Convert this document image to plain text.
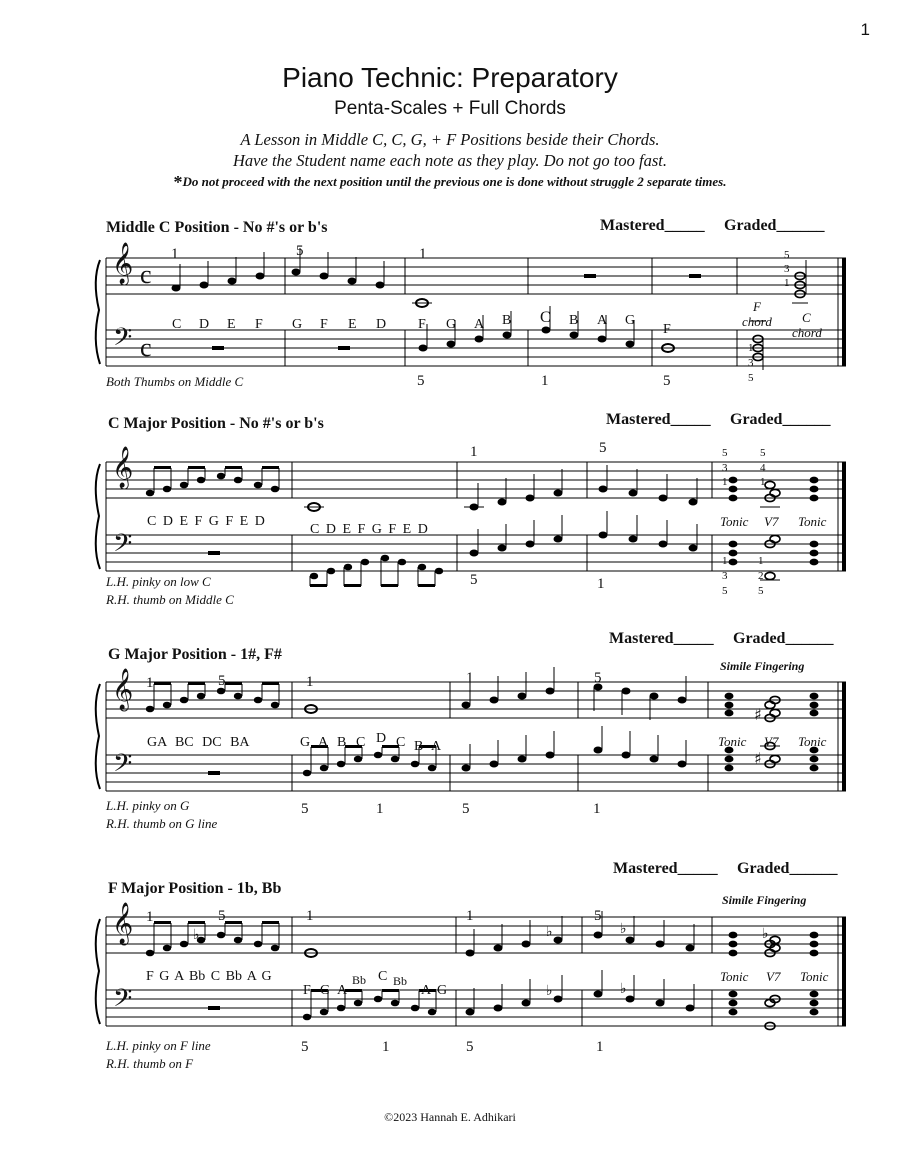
1
Piano Technic: Preparatory
Penta-Scales + Full Chords
A Lesson in Middle C, C, G, + F Positions beside their Chords.
Have the Student name each note as they play. Do not go too fast.
*Do not proceed with the next position until the previous one is done without struggle 2 separate times.
Middle C Position - No #'s or b's	Mastered_____ Graded______
𝄞
𝄢
c
c
1	5	1	5
3
1
1
3
5
C D E F G F E D F G A B C B A G
F
F
chord C
chord
5	1	5
Both Thumbs on Middle C
C Major Position - No #'s or b's	Mastered_____ Graded______
𝄞
𝄢
1	5
C D E F G F E D
C D E F G F E D
5
3
1
5
4
1
Tonic V7 Tonic
1
3
5
1
2
5
5	1
L.H. pinky on low C
R.H. thumb on Middle C
Mastered_____ Graded______
G Major Position - 1#, F#
Simile Fingering
𝄞
𝄢
♯
♯
1	5	1	1	5
GA BC DC BA	G A B C D C B A	Tonic V7 Tonic
5	1	5	1
L.H. pinky on G
R.H. thumb on G line
Mastered_____ Graded______
F Major Position - 1b, Bb
Simile Fingering
𝄞
𝄢
♭	♭	♭	♭
♭	♭
1	5	1	1	5
F G A Bb C Bb A G
F G A
Bb C Bb
A G
Tonic V7 Tonic
5	1	5	1
L.H. pinky on F line
R.H. thumb on F
©2023 Hannah E. Adhikari
